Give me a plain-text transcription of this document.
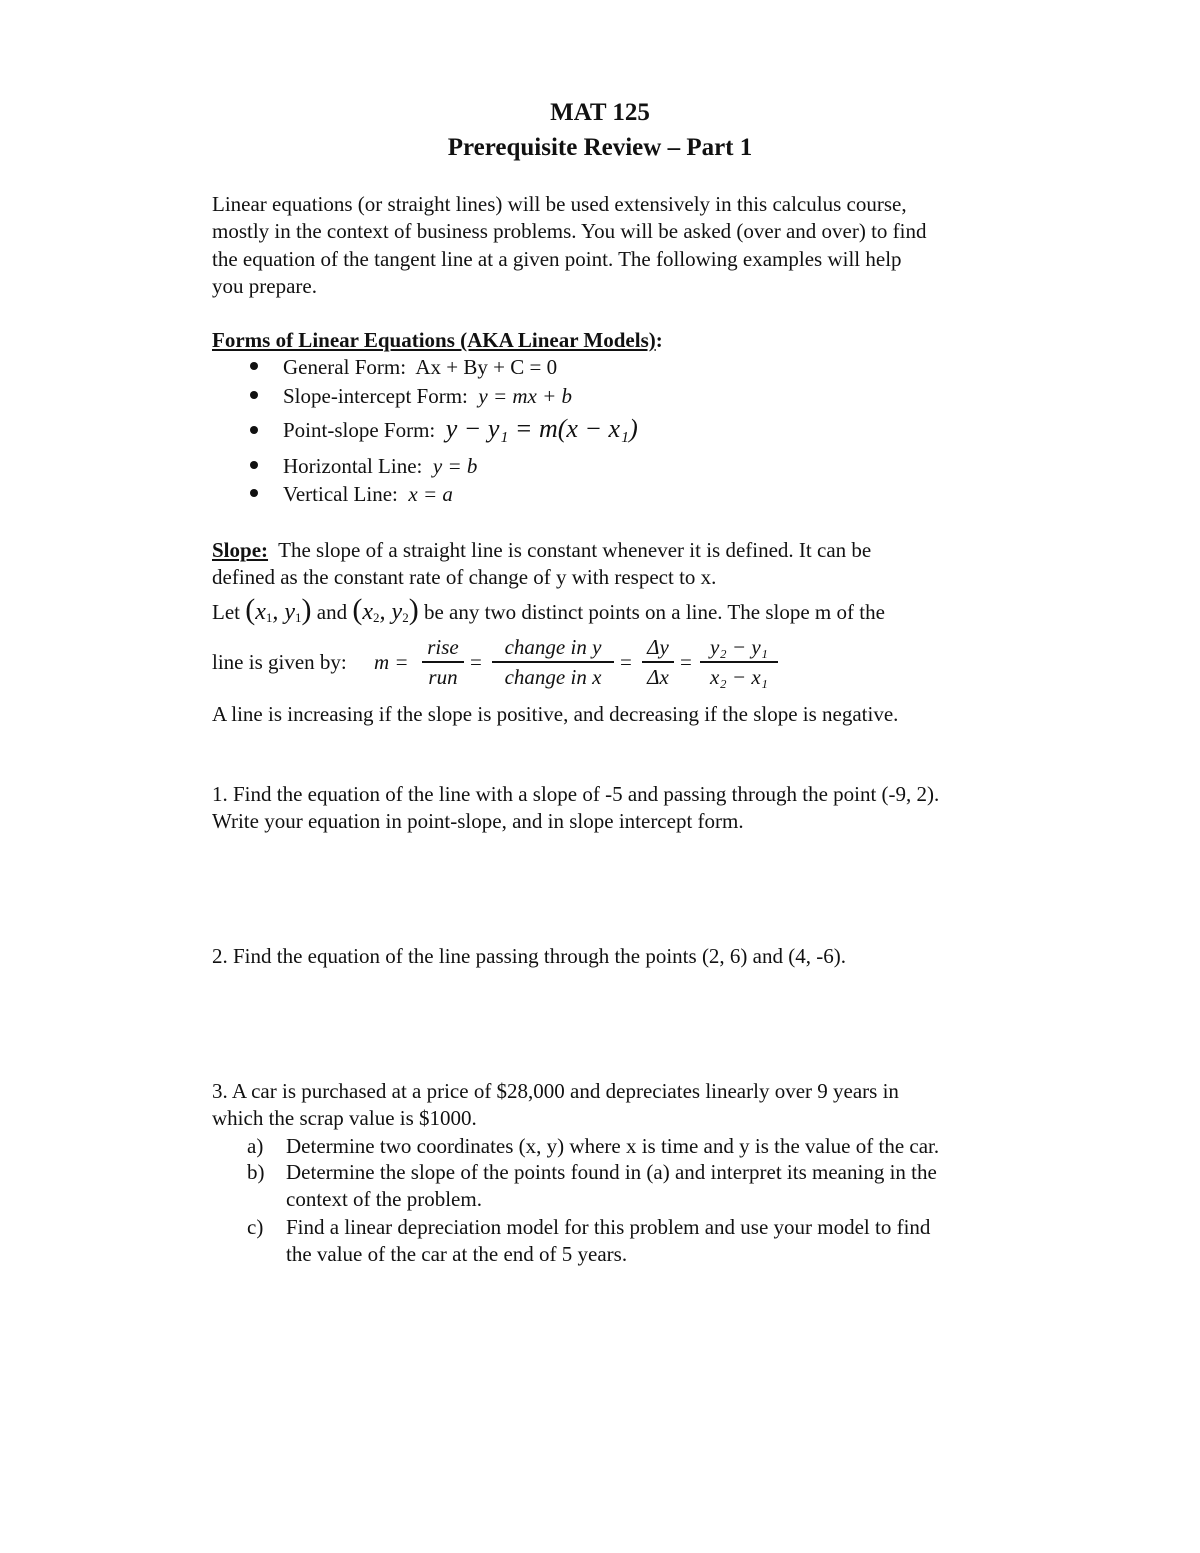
MAT 125
Prerequisite Review – Part 1
Linear equations (or straight lines) will be used extensively in this calculus course,
mostly in the context of business problems. You will be asked (over and over) to find
the equation of the tangent line at a given point. The following examples will help
you prepare.
Forms of Linear Equations (AKA Linear Models):
General Form: Ax + By + C = 0
Slope-intercept Form: y = mx + b
Point-slope Form: y − y₁ = m(x − x₁)
Horizontal Line: y = b
Vertical Line: x = a
Slope: The slope of a straight line is constant whenever it is defined. It can be
defined as the constant rate of change of y with respect to x.
Let ($x_1$, $y_1$) and ($x_2$, $y_2$) be any two distinct points on a line. The slope m of the
line is given by: m =
rise
run
=
change in y
change in x
=
Δy
Δx
=
y₂ − y₁
x₂ − x₁
A line is increasing if the slope is positive, and decreasing if the slope is negative.
1. Find the equation of the line with a slope of -5 and passing through the point (-9, 2).
Write your equation in point-slope, and in slope intercept form.
2. Find the equation of the line passing through the points (2, 6) and (4, -6).
3. A car is purchased at a price of $28,000 and depreciates linearly over 9 years in
which the scrap value is $1000.
a) Determine two coordinates (x, y) where x is time and y is the value of the car.
b) Determine the slope of the points found in (a) and interpret its meaning in the
context of the problem.
c) Find a linear depreciation model for this problem and use your model to find
the value of the car at the end of 5 years.
